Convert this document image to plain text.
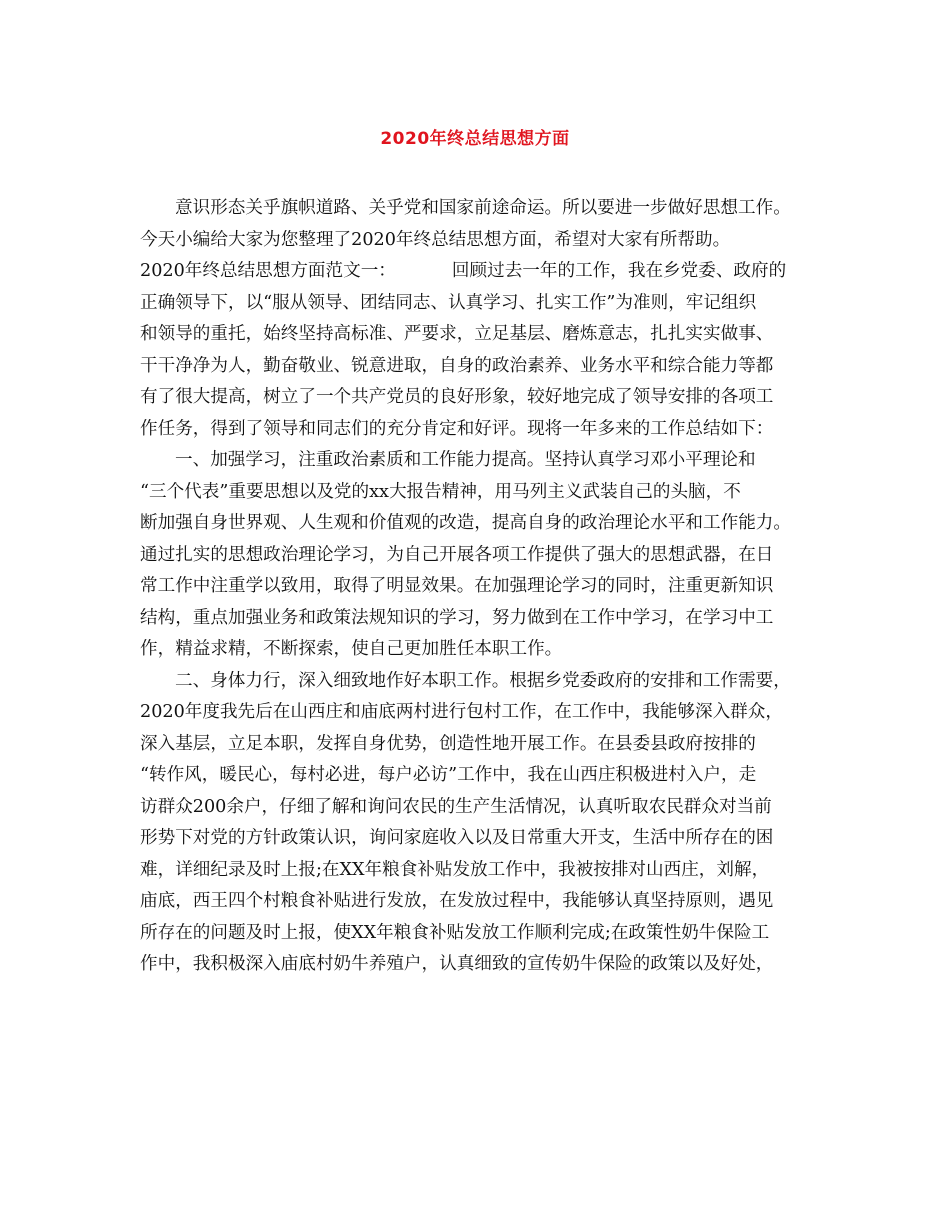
2020年终总结思想方面
意识形态关乎旗帜道路、关乎党和国家前途命运。所以要进一步做好思想工作。
今天小编给大家为您整理了2020年终总结思想方面，希望对大家有所帮助。
2020年终总结思想方面范文一：	回顾过去一年的工作，我在乡党委、政府的
正确领导下，以“服从领导、团结同志、认真学习、扎实工作”为准则，牢记组织
和领导的重托，始终坚持高标准、严要求，立足基层、磨炼意志，扎扎实实做事、
干干净净为人，勤奋敬业、锐意进取，自身的政治素养、业务水平和综合能力等都
有了很大提高，树立了一个共产党员的良好形象，较好地完成了领导安排的各项工
作任务，得到了领导和同志们的充分肯定和好评。现将一年多来的工作总结如下：
一、加强学习，注重政治素质和工作能力提高。坚持认真学习邓小平理论和
“三个代表”重要思想以及党的xx大报告精神，用马列主义武装自己的头脑，不
断加强自身世界观、人生观和价值观的改造，提高自身的政治理论水平和工作能力。
通过扎实的思想政治理论学习，为自己开展各项工作提供了强大的思想武器，在日
常工作中注重学以致用，取得了明显效果。在加强理论学习的同时，注重更新知识
结构，重点加强业务和政策法规知识的学习，努力做到在工作中学习，在学习中工
作，精益求精，不断探索，使自己更加胜任本职工作。
二、身体力行，深入细致地作好本职工作。根据乡党委政府的安排和工作需要，
2020年度我先后在山西庄和庙底两村进行包村工作，在工作中，我能够深入群众，
深入基层，立足本职，发挥自身优势，创造性地开展工作。在县委县政府按排的
“转作风，暖民心，每村必进，每户必访”工作中，我在山西庄积极进村入户，走
访群众200余户，仔细了解和询问农民的生产生活情况，认真听取农民群众对当前
形势下对党的方针政策认识，询问家庭收入以及日常重大开支，生活中所存在的困
难，详细纪录及时上报;在XX年粮食补贴发放工作中，我被按排对山西庄，刘解，
庙底，西王四个村粮食补贴进行发放，在发放过程中，我能够认真坚持原则，遇见
所存在的问题及时上报，使XX年粮食补贴发放工作顺利完成;在政策性奶牛保险工
作中，我积极深入庙底村奶牛养殖户，认真细致的宣传奶牛保险的政策以及好处，
